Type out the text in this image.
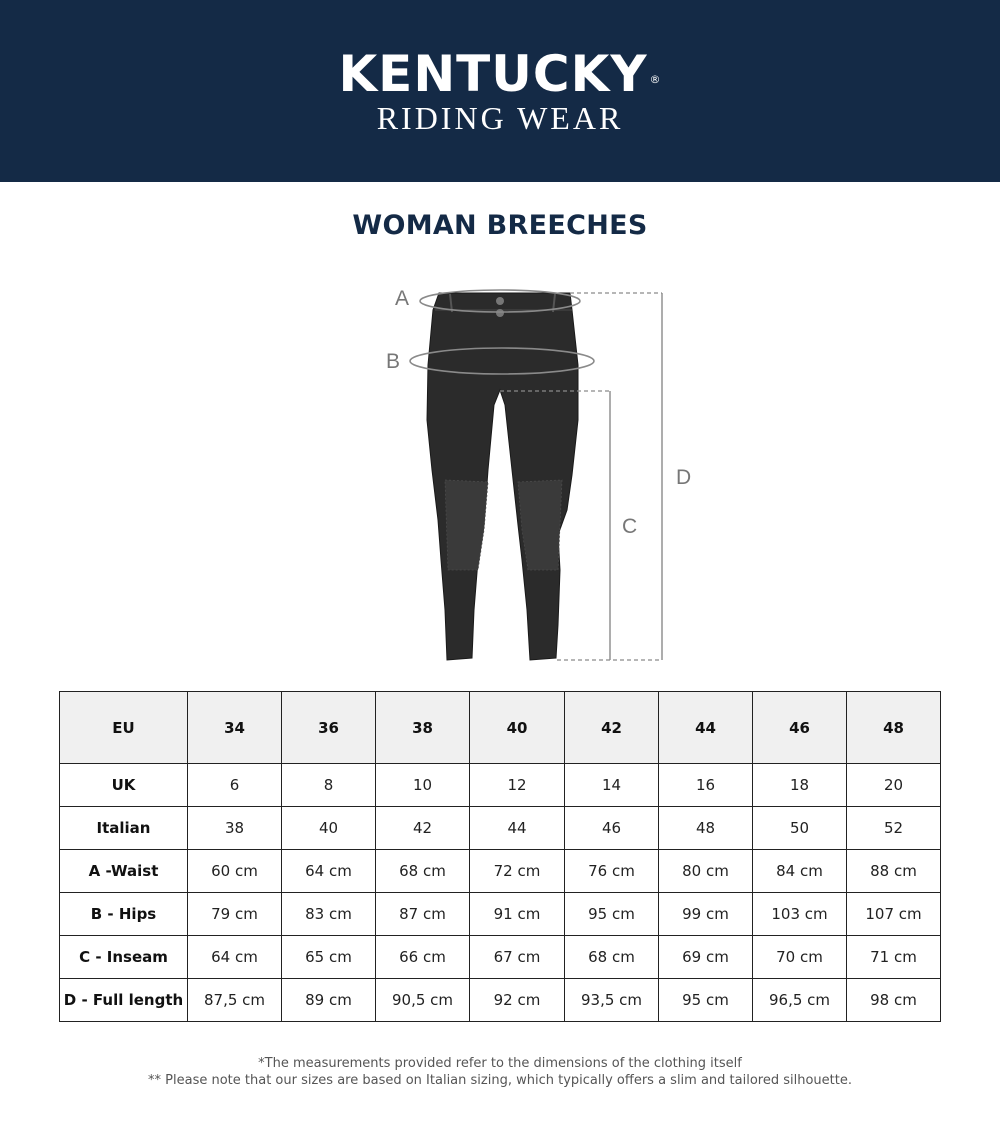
KENTUCKY ®
RIDING WEAR
WOMAN BREECHES
A
B
C
D
EU	34	36	38	40	42	44	46	48
UK	6	8	10	12	14	16	18	20
Italian	38	40	42	44	46	48	50	52
A -Waist	60 cm	64 cm	68 cm	72 cm	76 cm	80 cm	84 cm	88 cm
B - Hips	79 cm	83 cm	87 cm	91 cm	95 cm	99 cm	103 cm	107 cm
C - Inseam	64 cm	65 cm	66 cm	67 cm	68 cm	69 cm	70 cm	71 cm
D - Full length	87,5 cm	89 cm	90,5 cm	92 cm	93,5 cm	95 cm	96,5 cm	98 cm
*The measurements provided refer to the dimensions of the clothing itself
** Please note that our sizes are based on Italian sizing, which typically offers a slim and tailored silhouette.
